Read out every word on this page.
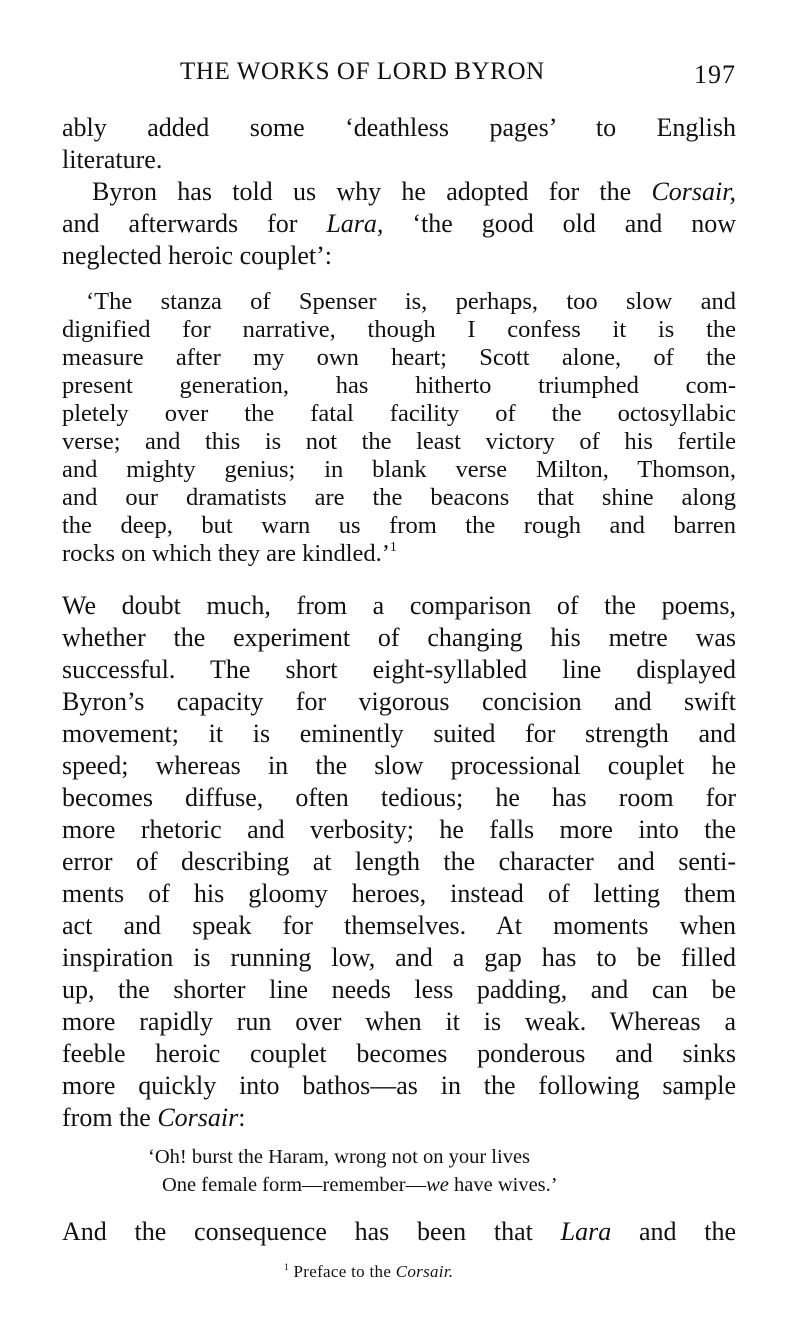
THE WORKS OF LORD BYRON	197
ably added some ‘deathless pages’ to English
literature.
Byron has told us why he adopted for the Corsair,
and afterwards for Lara, ‘the good old and now
neglected heroic couplet’:
‘The stanza of Spenser is, perhaps, too slow and
dignified for narrative, though I confess it is the
measure after my own heart; Scott alone, of the
present generation, has hitherto triumphed com-
pletely over the fatal facility of the octosyllabic
verse; and this is not the least victory of his fertile
and mighty genius; in blank verse Milton, Thomson,
and our dramatists are the beacons that shine along
the deep, but warn us from the rough and barren
rocks on which they are kindled.’$^1$
We doubt much, from a comparison of the poems,
whether the experiment of changing his metre was
successful. The short eight-syllabled line displayed
Byron’s capacity for vigorous concision and swift
movement; it is eminently suited for strength and
speed; whereas in the slow processional couplet he
becomes diffuse, often tedious; he has room for
more rhetoric and verbosity; he falls more into the
error of describing at length the character and senti-
ments of his gloomy heroes, instead of letting them
act and speak for themselves. At moments when
inspiration is running low, and a gap has to be filled
up, the shorter line needs less padding, and can be
more rapidly run over when it is weak. Whereas a
feeble heroic couplet becomes ponderous and sinks
more quickly into bathos—as in the following sample
from the Corsair:
‘Oh! burst the Haram, wrong not on your lives
One female form—remember—we have wives.’
And the consequence has been that Lara and the
$^1$ Preface to the Corsair.
